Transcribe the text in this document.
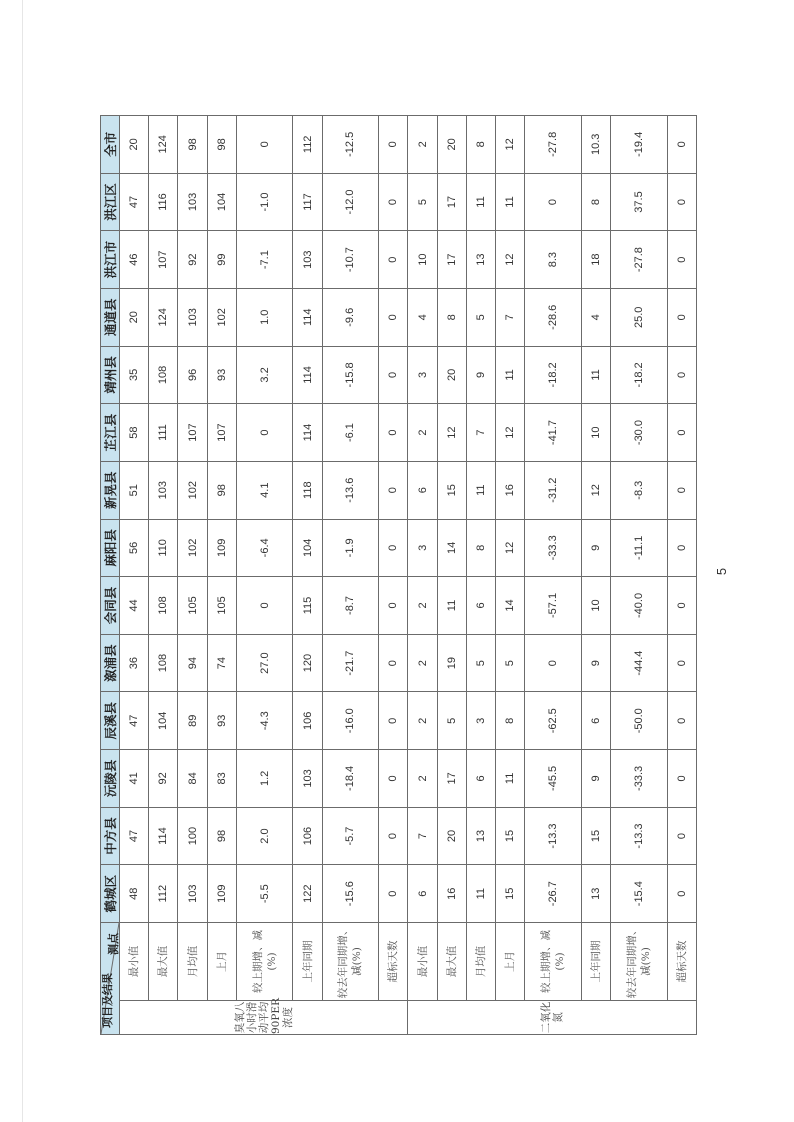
测点
项目及结果		鹤城区	中方县	沅陵县	辰溪县	溆浦县	会同县	麻阳县	新晃县	芷江县	靖州县	通道县	洪江市	洪江区	全市
臭氧八小时滑动平均90PER浓度	最小值	48	47	41	47	36	44	56	51	58	35	20	46	47	20
	最大值	112	114	92	104	108	108	110	103	111	108	124	107	116	124
	月均值	103	100	84	89	94	105	102	102	107	96	103	92	103	98
	上月	109	98	83	93	74	105	109	98	107	93	102	99	104	98
	较上期增、减(%)	-5.5	2.0	1.2	-4.3	27.0	0	-6.4	4.1	0	3.2	1.0	-7.1	-1.0	0
	上年同期	122	106	103	106	120	115	104	118	114	114	114	103	117	112
	较去年同期增、减(%)	-15.6	-5.7	-18.4	-16.0	-21.7	-8.7	-1.9	-13.6	-6.1	-15.8	-9.6	-10.7	-12.0	-12.5
	超标天数	0	0	0	0	0	0	0	0	0	0	0	0	0	0
二氧化氮	最小值	6	7	2	2	2	2	3	6	2	3	4	10	5	2
	最大值	16	20	17	5	19	11	14	15	12	20	8	17	17	20
	月均值	11	13	6	3	5	6	8	11	7	9	5	13	11	8
	上月	15	15	11	8	5	14	12	16	12	11	7	12	11	12
	较上期增、减(%)	-26.7	-13.3	-45.5	-62.5	0	-57.1	-33.3	-31.2	-41.7	-18.2	-28.6	8.3	0	-27.8
	上年同期	13	15	9	6	9	10	9	12	10	11	4	18	8	10.3
	较去年同期增、减(%)	-15.4	-13.3	-33.3	-50.0	-44.4	-40.0	-11.1	-8.3	-30.0	-18.2	25.0	-27.8	37.5	-19.4
	超标天数	0	0	0	0	0	0	0	0	0	0	0	0	0	0
5
